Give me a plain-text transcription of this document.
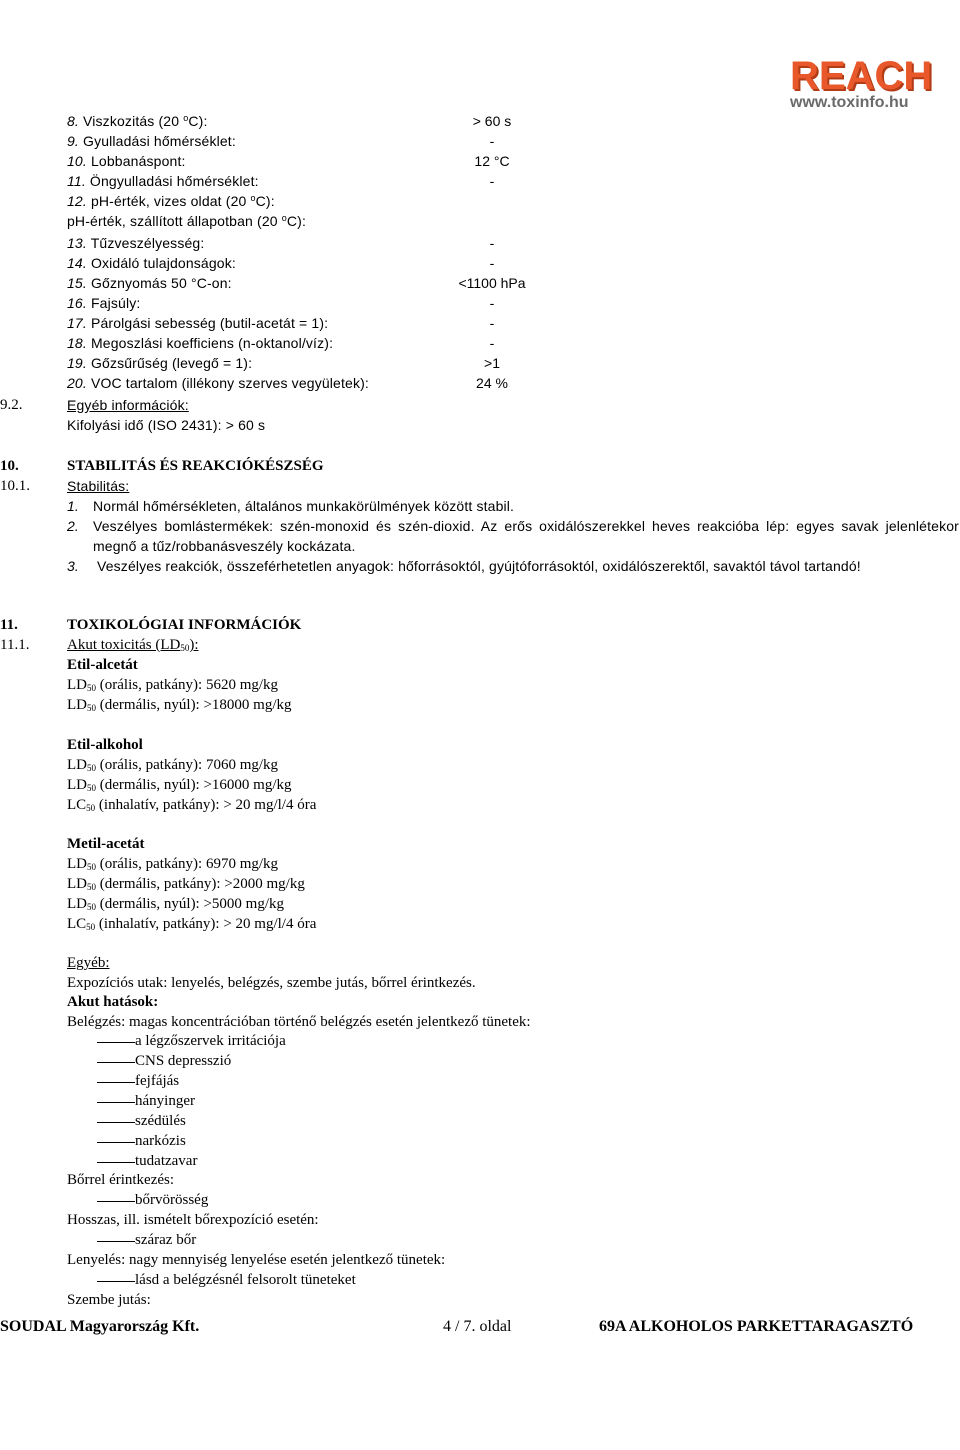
Elkészítés időpontja: 2009. január 21.
Felülvizsgálat időpontja: -
REACH
www.toxinfo.hu
8. Viszkozitás (20 $^o$C):	> 60 s
9. Gyulladási hőmérséklet:	-
10. Lobbanáspont:	12 °C
11. Öngyulladási hőmérséklet:	-
12. pH-érték, vizes oldat (20 $^o$C):
pH-érték, szállított állapotban (20 $^o$C):
13. Tűzveszélyesség:	-
14. Oxidáló tulajdonságok:	-
15. Gőznyomás 50 °C-on:	<1100 hPa
16. Fajsúly:	-
17. Párolgási sebesség (butil-acetát = 1):	-
18. Megoszlási koefficiens (n-oktanol/víz):	-
19. Gőzsűrűség (levegő = 1):	>1
20. VOC tartalom (illékony szerves vegyületek):	24 %
9.2.	Egyéb információk:
Kifolyási idő (ISO 2431): > 60 s
10.	STABILITÁS ÉS REAKCIÓKÉSZSÉG
10.1.	Stabilitás:
1. Normál hőmérsékleten, általános munkakörülmények között stabil.
2. Veszélyes bomlástermékek: szén-monoxid és szén-dioxid. Az erős oxidálószerekkel heves reakcióba lép: egyes savak jelenlétekor megnő a tűz/robbanásveszély kockázata.
3. Veszélyes reakciók, összeférhetetlen anyagok: hőforrásoktól, gyújtóforrásoktól, oxidálószerektől, savaktól távol tartandó!
11.	TOXIKOLÓGIAI INFORMÁCIÓK
11.1.	Akut toxicitás $(LD_{50})$:
Etil-alcetát
$LD_{50}$ (orális, patkány): 5620 mg/kg
$LD_{50}$ (dermális, nyúl): >18000 mg/kg
Etil-alkohol
$LD_{50}$ (orális, patkány): 7060 mg/kg
$LD_{50}$ (dermális, nyúl): >16000 mg/kg
$LC_{50}$ (inhalatív, patkány): > 20 mg/l/4 óra
Metil-acetát
$LD_{50}$ (orális, patkány): 6970 mg/kg
$LD_{50}$ (dermális, patkány): >2000 mg/kg
$LD_{50}$ (dermális, nyúl): >5000 mg/kg
$LC_{50}$ (inhalatív, patkány): > 20 mg/l/4 óra
Egyéb:
Expozíciós utak: lenyelés, belégzés, szembe jutás, bőrrel érintkezés.
Akut hatások:
Belégzés: magas koncentrációban történő belégzés esetén jelentkező tünetek:
a légzőszervek irritációja
CNS depresszió
fejfájás
hányinger
szédülés
narkózis
tudatzavar
Bőrrel érintkezés:
bőrvörösség
Hosszas, ill. ismételt bőrexpozíció esetén:
száraz bőr
Lenyelés: nagy mennyiség lenyelése esetén jelentkező tünetek:
lásd a belégzésnél felsorolt tüneteket
Szembe jutás:
SOUDAL Magyarország Kft.	4 / 7. oldal	69A ALKOHOLOS PARKETTARAGASZTÓ
A ToxInfo Bt. által elkészített biztonsági adatlap egyes részeinek megváltoztatása, illetve bármilyen egyéb módon történő felhasználása
kizárólag a ToxInfo Bt. írásos engedélyével lehetséges.
http://www.biztonsagiadatlap.hu
